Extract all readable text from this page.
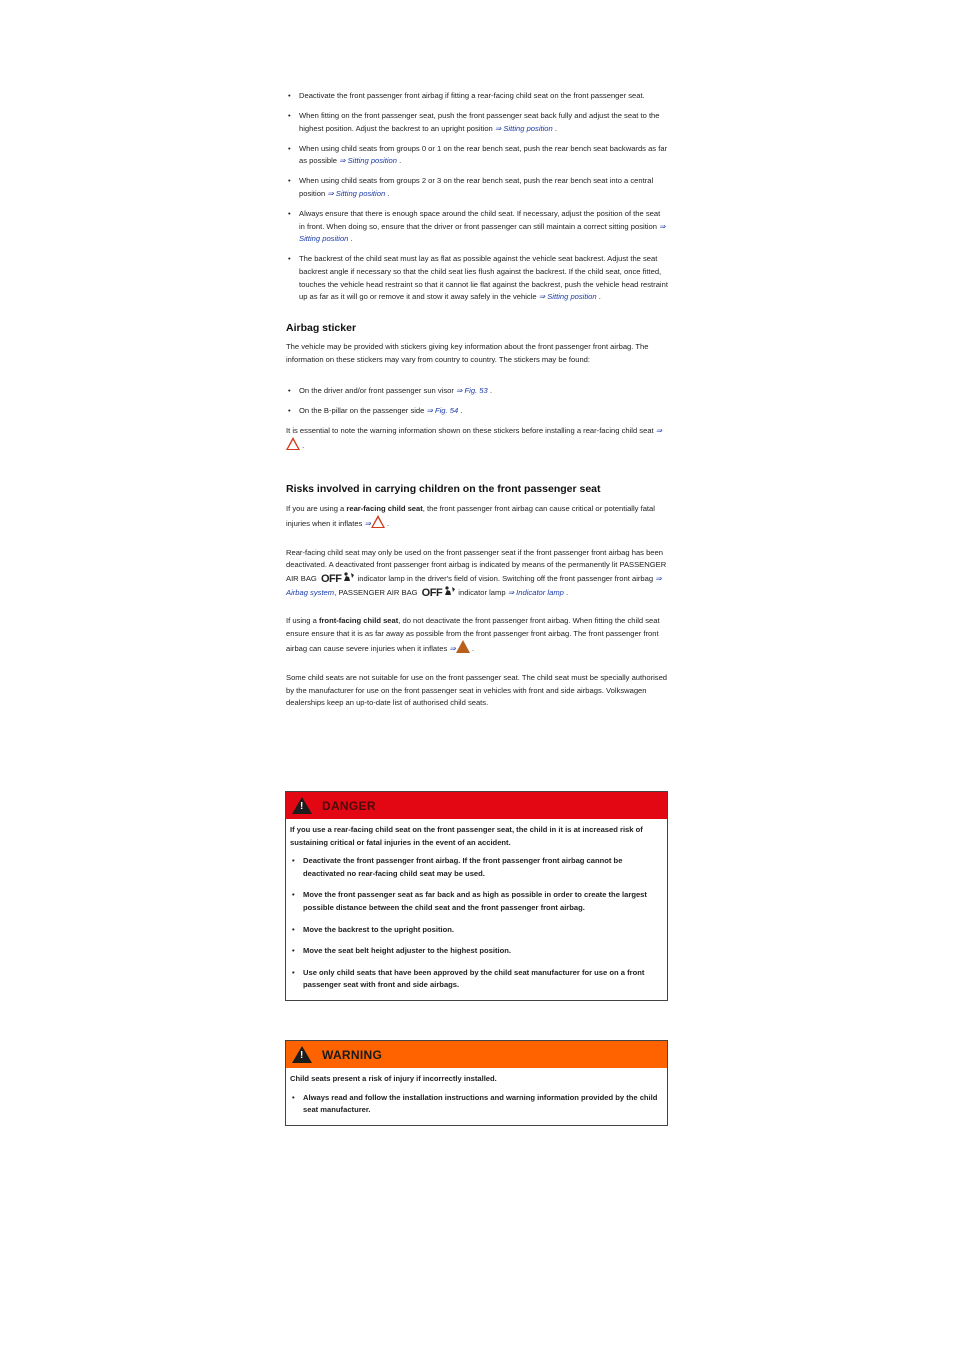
• Deactivate the front passenger front airbag if fitting a rear-facing child seat on the front passenger seat.
• When fitting on the front passenger seat, push the front passenger seat back fully and adjust the seat to the highest position. Adjust the backrest to an upright position ⇒ Sitting position .
• When using child seats from groups 0 or 1 on the rear bench seat, push the rear bench seat backwards as far as possible ⇒ Sitting position .
• When using child seats from groups 2 or 3 on the rear bench seat, push the rear bench seat into a central position ⇒ Sitting position .
• Always ensure that there is enough space around the child seat. If necessary, adjust the position of the seat in front. When doing so, ensure that the driver or front passenger can still maintain a correct sitting position ⇒ Sitting position .
• The backrest of the child seat must lay as flat as possible against the vehicle seat backrest. Adjust the seat backrest angle if necessary so that the child seat lies flush against the backrest. If the child seat, once fitted, touches the vehicle head restraint so that it cannot lie flat against the backrest, push the vehicle head restraint up as far as it will go or remove it and stow it away safely in the vehicle ⇒ Sitting position .
Airbag sticker

The vehicle may be provided with stickers giving key information about the front passenger front airbag. The information on these stickers may vary from country to country. The stickers may be found:

• On the driver and/or front passenger sun visor ⇒ Fig. 53 .
• On the B-pillar on the passenger side ⇒ Fig. 54 .

It is essential to note the warning information shown on these stickers before installing a rear-facing child seat ⇒ .

Risks involved in carrying children on the front passenger seat

If you are using a rear-facing child seat, the front passenger front airbag can cause critical or potentially fatal injuries when it inflates ⇒ .

Rear-facing child seat may only be used on the front passenger seat if the front passenger front airbag has been deactivated. A deactivated front passenger front airbag is indicated by means of the permanently lit PASSENGER AIR BAG OFF indicator lamp in the driver's field of vision. Switching off the front passenger front airbag ⇒ Airbag system, PASSENGER AIR BAG OFF indicator lamp ⇒ Indicator lamp .

If using a front-facing child seat, do not deactivate the front passenger front airbag. When fitting the child seat ensure ensure that it is as far away as possible from the front passenger front airbag. The front passenger front airbag can cause severe injuries when it inflates ⇒ .

Some child seats are not suitable for use on the front passenger seat. The child seat must be specially authorised by the manufacturer for use on the front passenger seat in vehicles with front and side airbags. Volkswagen dealerships keep an up-to-date list of authorised child seats.

! DANGER

If you use a rear-facing child seat on the front passenger seat, the child in it is at increased risk of sustaining critical or fatal injuries in the event of an accident.

• Deactivate the front passenger front airbag. If the front passenger front airbag cannot be deactivated no rear-facing child seat may be used.
• Move the front passenger seat as far back and as high as possible in order to create the largest possible distance between the child seat and the front passenger front airbag.
• Move the backrest to the upright position.
• Move the seat belt height adjuster to the highest position.
• Use only child seats that have been approved by the child seat manufacturer for use on a front passenger seat with front and side airbags.
! WARNING

Child seats present a risk of injury if incorrectly installed.

• Always read and follow the installation instructions and warning information provided by the child seat manufacturer.
